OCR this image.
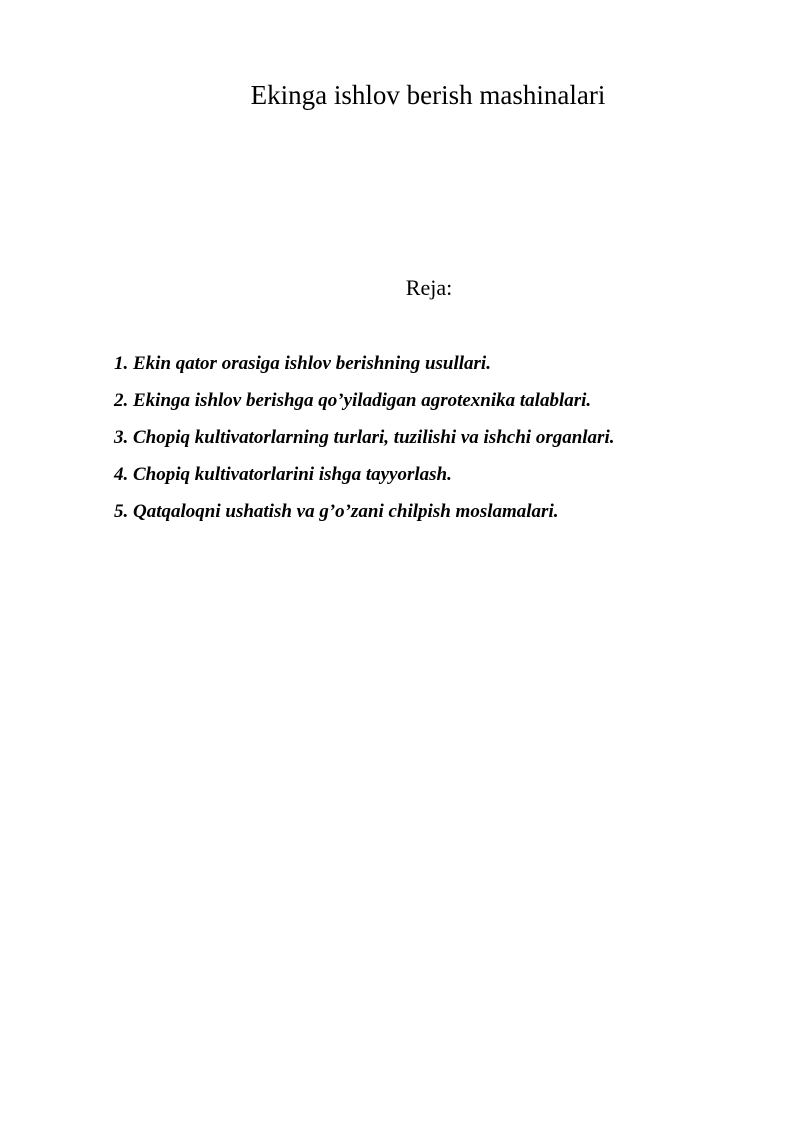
Ekinga ishlov berish mashinalari

Reja:

1. Ekin qator orasiga ishlov berishning usullari.
2. Ekinga ishlov berishga qo’yiladigan agrotexnika talablari.
3. Chopiq kultivatorlarning turlari, tuzilishi va ishchi organlari.
4. Chopiq kultivatorlarini ishga tayyorlash.
5. Qatqaloqni ushatish va g’o’zani chilpish moslamalari.
